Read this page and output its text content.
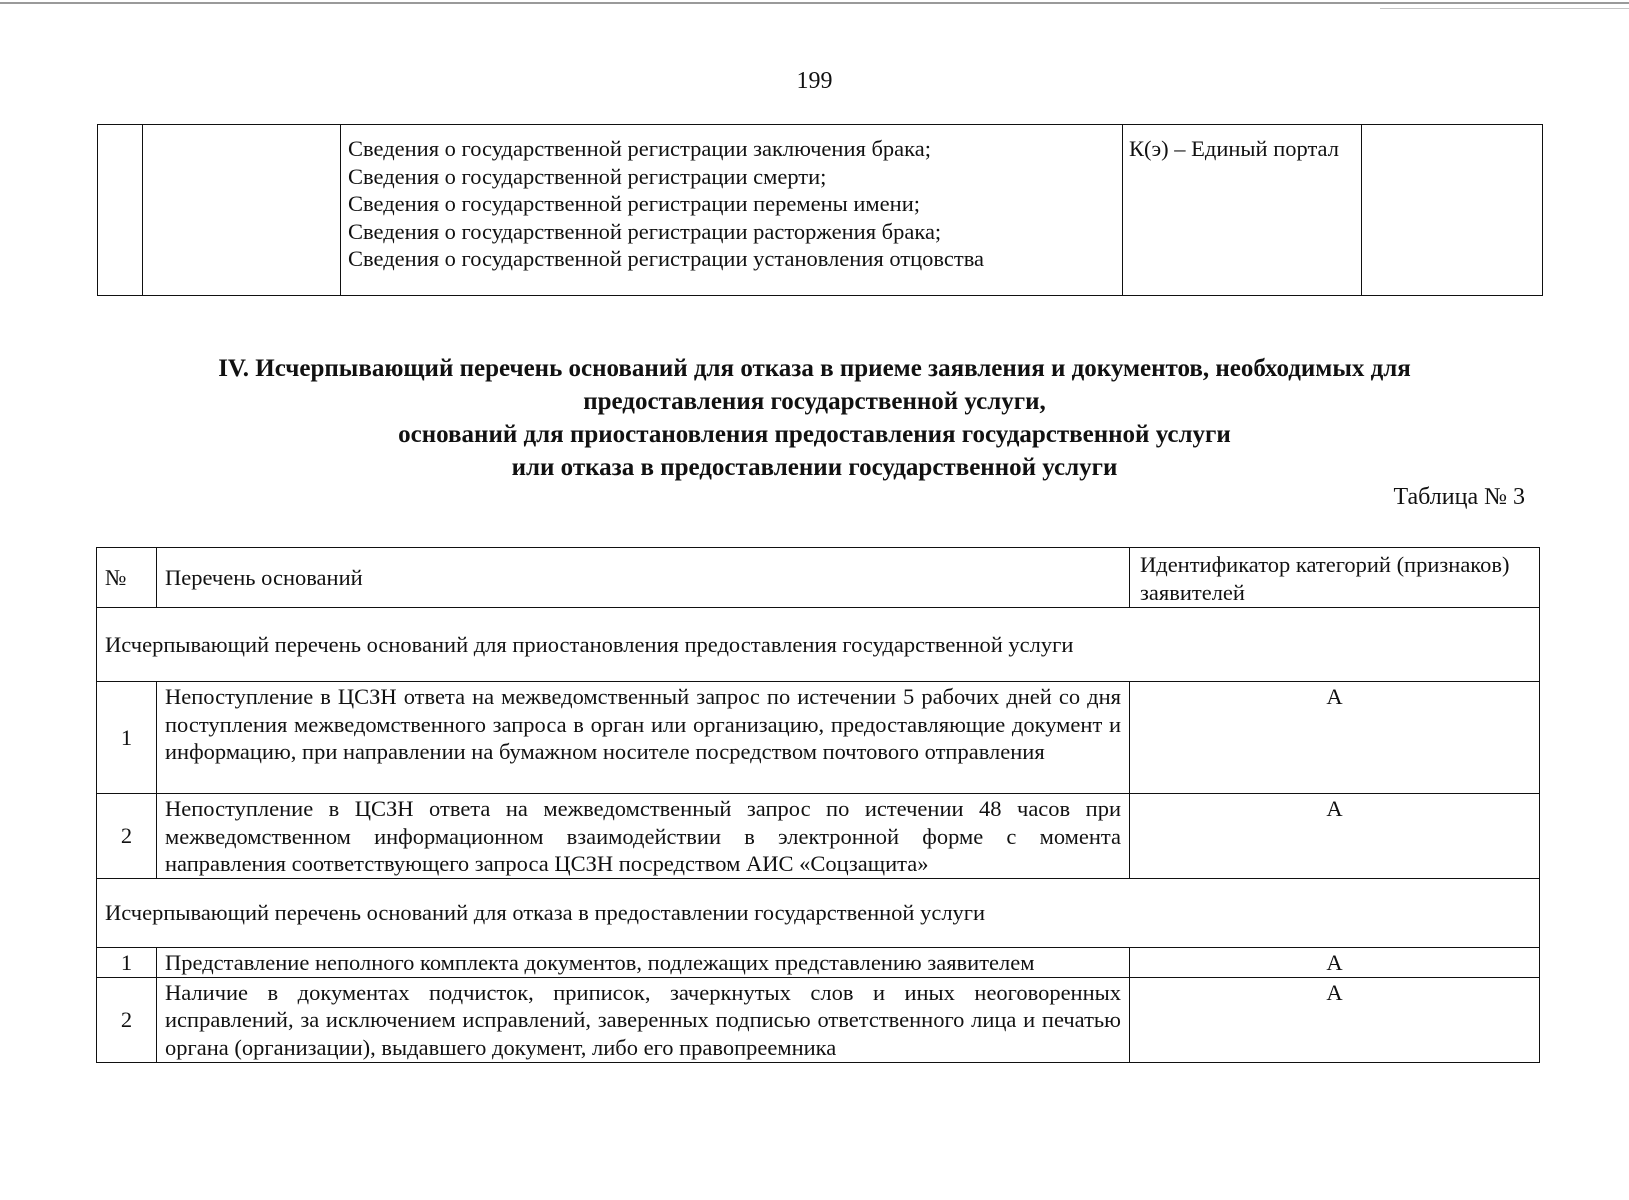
199

Сведения о государственной регистрации заключения брака;
Сведения о государственной регистрации смерти;
Сведения о государственной регистрации перемены имени;
Сведения о государственной регистрации расторжения брака;
Сведения о государственной регистрации установления отцовства
	К(э) – Единый портал	
IV. Исчерпывающий перечень оснований для отказа в приеме заявления и документов, необходимых для
предоставления государственной услуги,
оснований для приостановления предоставления государственной услуги
или отказа в предоставлении государственной услуги
Таблица № 3
№	Перечень оснований	Идентификатор категорий (признаков) заявителей
Исчерпывающий перечень оснований для приостановления предоставления государственной услуги		
1	Непоступление в ЦСЗН ответа на межведомственный запрос по истечении 5 рабочих дней со дня поступления межведомственного запроса в орган или организацию, предоставляющие документ и информацию, при направлении на бумажном носителе посредством почтового отправления	А
2	Непоступление в ЦСЗН ответа на межведомственный запрос по истечении 48 часов при межведомственном информационном взаимодействии в электронной форме с момента направления соответствующего запроса ЦСЗН посредством АИС «Соцзащита»	А
Исчерпывающий перечень оснований для отказа в предоставлении государственной услуги		
1	Представление неполного комплекта документов, подлежащих представлению заявителем	А
2	Наличие в документах подчисток, приписок, зачеркнутых слов и иных неоговоренных исправлений, за исключением исправлений, заверенных подписью ответственного лица и печатью органа (организации), выдавшего документ, либо его правопреемника	А
